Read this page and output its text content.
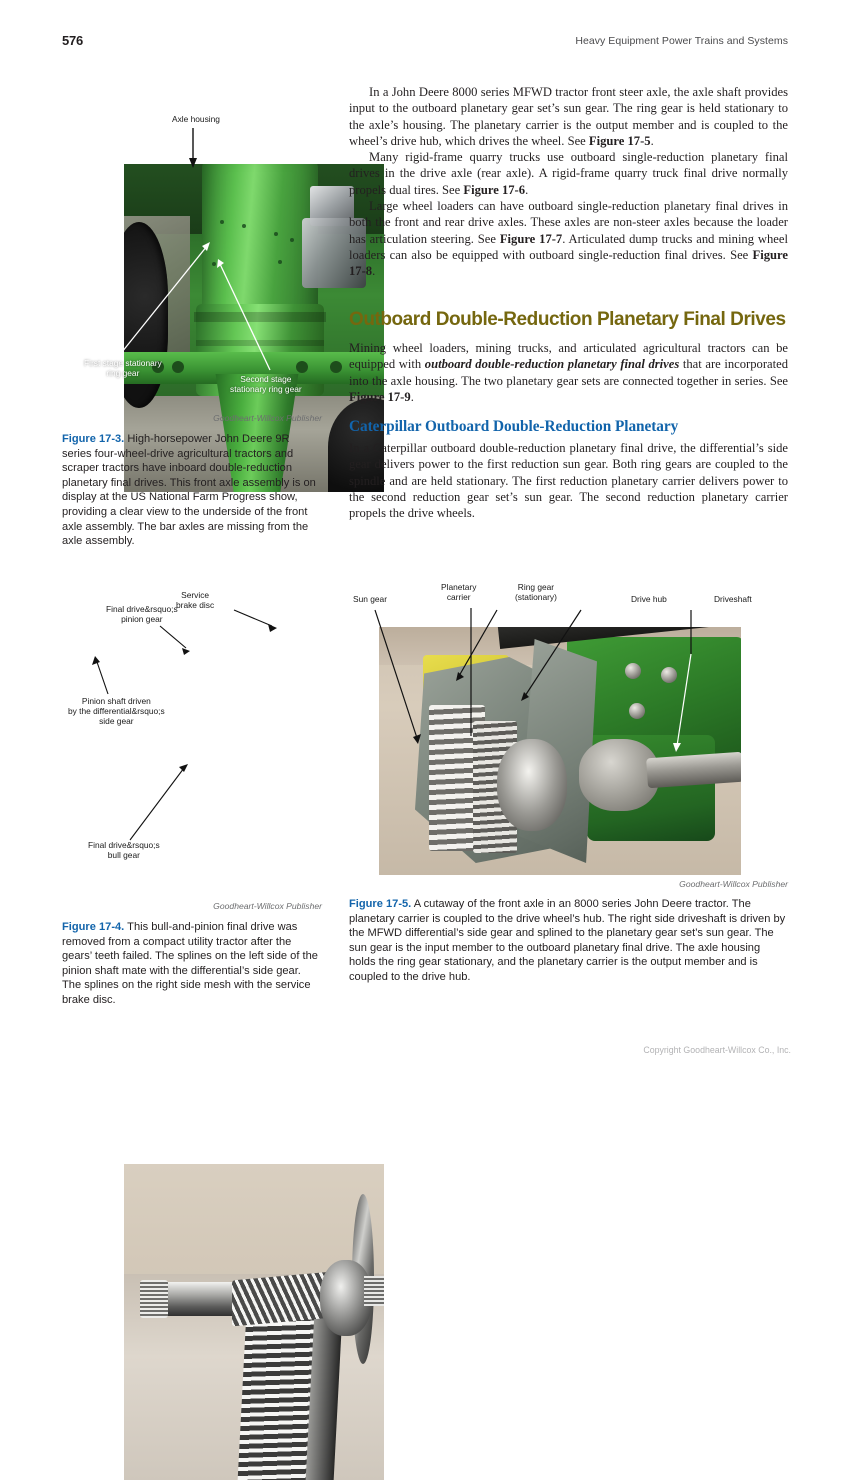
576	Heavy Equipment Power Trains and Systems
Axle housing
First stage stationary
ring gear
Second stage
stationary ring gear
Goodheart-Willcox Publisher
Figure 17-3. High-horsepower John Deere 9R series four-wheel-drive agricultural tractors and scraper tractors have inboard double-reduction planetary final drives. This front axle assembly is on display at the US National Farm Progress show, providing a clear view to the underside of the front axle assembly. The bar axles are missing from the axle assembly.
Service
brake disc
Final drive&rsquo;s
pinion gear
Pinion shaft driven
by the differential&rsquo;s
side gear
Final drive&rsquo;s
bull gear
Goodheart-Willcox Publisher
Figure 17-4. This bull-and-pinion final drive was removed from a compact utility tractor after the gears’ teeth failed. The splines on the left side of the pinion shaft mate with the differential’s side gear. The splines on the right side mesh with the service brake disc.

In a John Deere 8000 series MFWD tractor front steer axle, the axle shaft provides input to the outboard planetary gear set’s sun gear. The ring gear is held stationary to the axle’s housing. The planetary carrier is the output member and is coupled to the wheel’s drive hub, which drives the wheel. See Figure 17-5.

Many rigid-frame quarry trucks use outboard single-reduction planetary final drives in the drive axle (rear axle). A rigid-frame quarry truck final drive normally propels dual tires. See Figure 17-6.

Large wheel loaders can have outboard single-reduction planetary final drives in both the front and rear drive axles. These axles are non-steer axles because the loader has articulation steering. See Figure 17-7. Articulated dump trucks and mining wheel loaders can also be equipped with outboard single-reduction final drives. See Figure 17-8.

Outboard Double-Reduction Planetary Final Drives

Mining wheel loaders, mining trucks, and articulated agricultural tractors can be equipped with outboard double-reduction planetary final drives that are incorporated into the axle housing. The two planetary gear sets are connected together in series. See Figure 17-9.

Caterpillar Outboard Double-Reduction Planetary

In a Caterpillar outboard double-reduction planetary final drive, the differential’s side gear delivers power to the first reduction sun gear. Both ring gears are coupled to the spindle and are held stationary. The first reduction planetary carrier delivers power to the second reduction gear set’s sun gear. The second reduction planetary carrier propels the drive wheels.

Sun gear
Planetary
carrier
Ring gear
(stationary)	Drive hub	Driveshaft
Goodheart-Willcox Publisher
Figure 17-5. A cutaway of the front axle in an 8000 series John Deere tractor. The planetary carrier is coupled to the drive wheel’s hub. The right side driveshaft is driven by the MFWD differential’s side gear and splined to the planetary gear set’s sun gear. The sun gear is the input member to the outboard planetary final drive. The axle housing holds the ring gear stationary, and the planetary carrier is the output member and is coupled to the drive hub.
Copyright Goodheart-Willcox Co., Inc.
